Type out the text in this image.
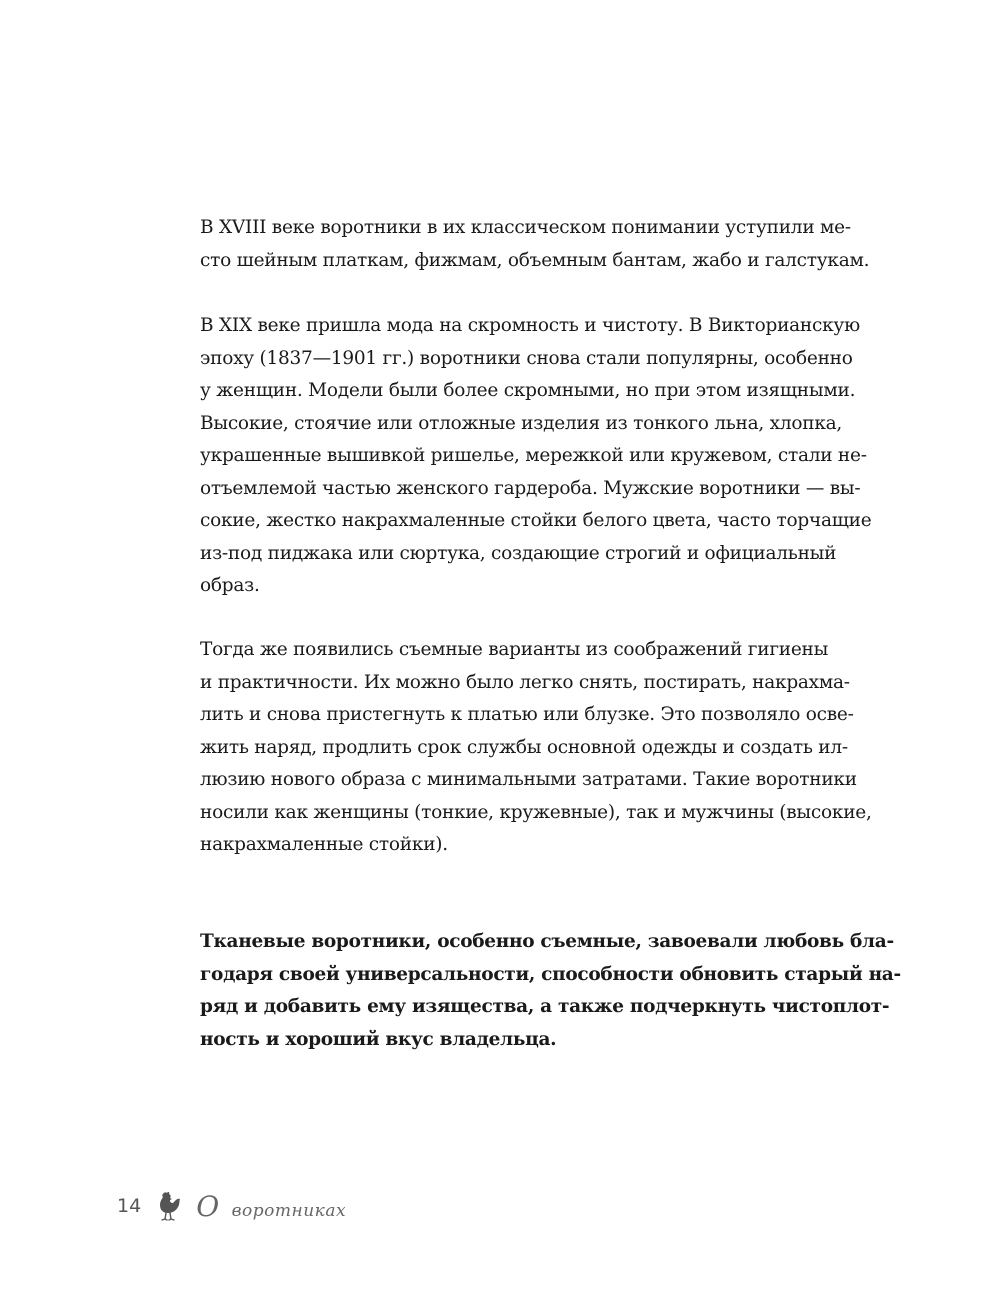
В XVIII веке воротники в их классическом понимании уступили ме-
сто шейным платкам, фижмам, объемным бантам, жабо и галстукам.
В XIX веке пришла мода на скромность и чистоту. В Викторианскую
эпоху (1837—1901 гг.) воротники снова стали популярны, особенно
у женщин. Модели были более скромными, но при этом изящными.
Высокие, стоячие или отложные изделия из тонкого льна, хлопка,
украшенные вышивкой ришелье, мережкой или кружевом, стали не-
отъемлемой частью женского гардероба. Мужские воротники — вы-
сокие, жестко накрахмаленные стойки белого цвета, часто торчащие
из-под пиджака или сюртука, создающие строгий и официальный
образ.
Тогда же появились съемные варианты из соображений гигиены
и практичности. Их можно было легко снять, постирать, накрахма-
лить и снова пристегнуть к платью или блузке. Это позволяло осве-
жить наряд, продлить срок службы основной одежды и создать ил-
люзию нового образа с минимальными затратами. Такие воротники
носили как женщины (тонкие, кружевные), так и мужчины (высокие,
накрахмаленные стойки).
Тканевые воротники, особенно съемные, завоевали любовь бла-
годаря своей универсальности, способности обновить старый на-
ряд и добавить ему изящества, а также подчеркнуть чистоплот-
ность и хороший вкус владельца.
14 Оворотниках
